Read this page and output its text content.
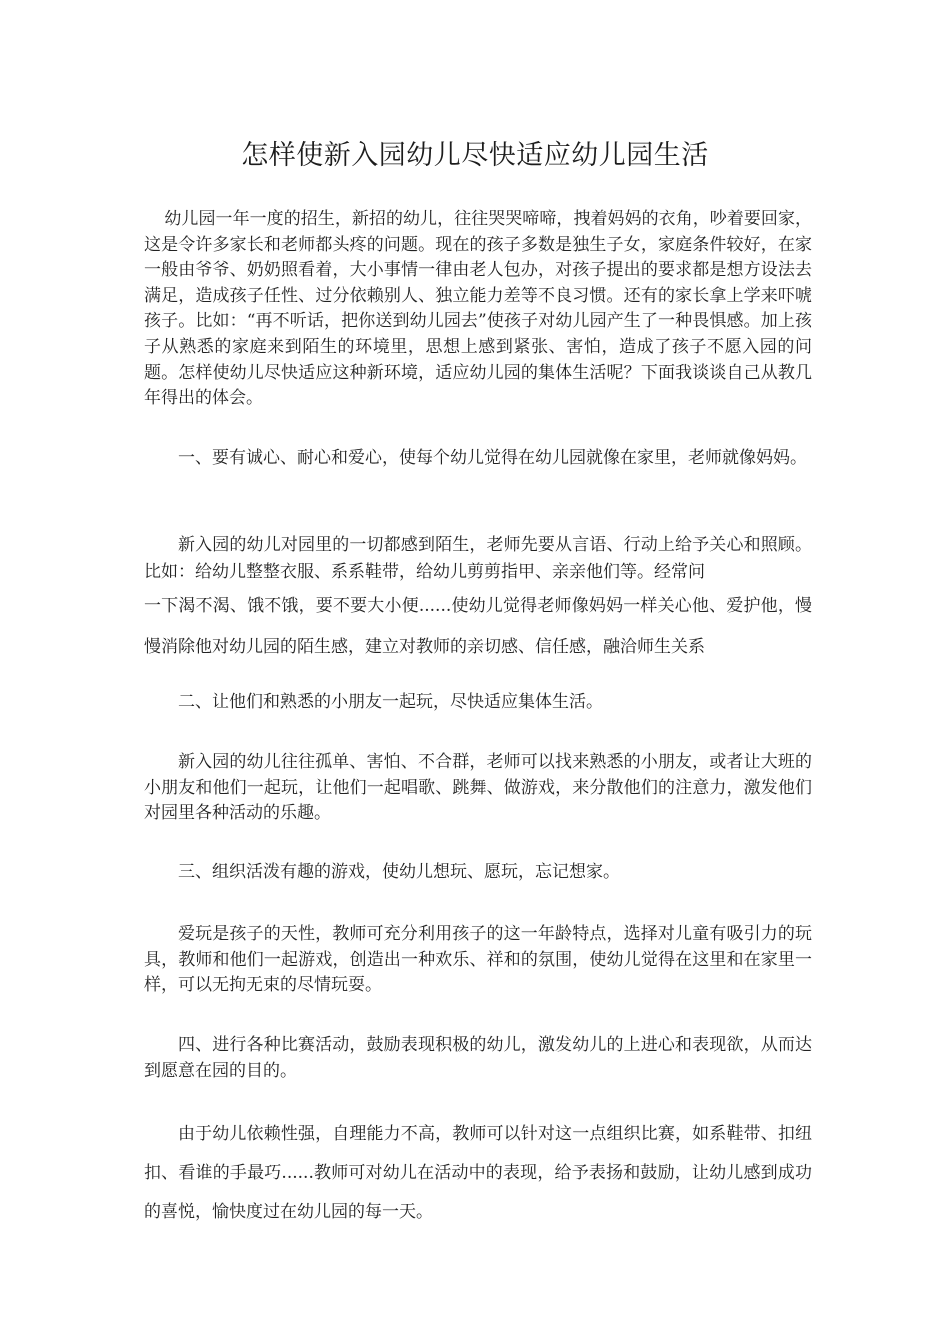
怎样使新入园幼儿尽快适应幼儿园生活

幼儿园一年一度的招生，新招的幼儿，往往哭哭啼啼，拽着妈妈的衣角，吵着要回家，这是令许多家长和老师都头疼的问题。现在的孩子多数是独生子女，家庭条件较好，在家一般由爷爷、奶奶照看着，大小事情一律由老人包办，对孩子提出的要求都是想方设法去满足，造成孩子任性、过分依赖别人、独立能力差等不良习惯。还有的家长拿上学来吓唬孩子。比如：“再不听话，把你送到幼儿园去”使孩子对幼儿园产生了一种畏惧感。加上孩子从熟悉的家庭来到陌生的环境里，思想上感到紧张、害怕，造成了孩子不愿入园的问题。怎样使幼儿尽快适应这种新环境，适应幼儿园的集体生活呢？下面我谈谈自己从教几年得出的体会。

一、要有诚心、耐心和爱心，使每个幼儿觉得在幼儿园就像在家里，老师就像妈妈。

新入园的幼儿对园里的一切都感到陌生，老师先要从言语、行动上给予关心和照顾。比如：给幼儿整整衣服、系系鞋带，给幼儿剪剪指甲、亲亲他们等。经常问
一下渴不渴、饿不饿，要不要大小便......使幼儿觉得老师像妈妈一样关心他、爱护他，慢慢消除他对幼儿园的陌生感，建立对教师的亲切感、信任感，融洽师生关系

二、让他们和熟悉的小朋友一起玩，尽快适应集体生活。

新入园的幼儿往往孤单、害怕、不合群，老师可以找来熟悉的小朋友，或者让大班的小朋友和他们一起玩，让他们一起唱歌、跳舞、做游戏，来分散他们的注意力，激发他们对园里各种活动的乐趣。

三、组织活泼有趣的游戏，使幼儿想玩、愿玩，忘记想家。

爱玩是孩子的天性，教师可充分利用孩子的这一年龄特点，选择对儿童有吸引力的玩具，教师和他们一起游戏，创造出一种欢乐、祥和的氛围，使幼儿觉得在这里和在家里一样，可以无拘无束的尽情玩耍。

四、进行各种比赛活动，鼓励表现积极的幼儿，激发幼儿的上进心和表现欲，从而达到愿意在园的目的。

由于幼儿依赖性强，自理能力不高，教师可以针对这一点组织比赛，如系鞋带、扣纽扣、看谁的手最巧......教师可对幼儿在活动中的表现，给予表扬和鼓励，让幼儿感到成功的喜悦，愉快度过在幼儿园的每一天。
